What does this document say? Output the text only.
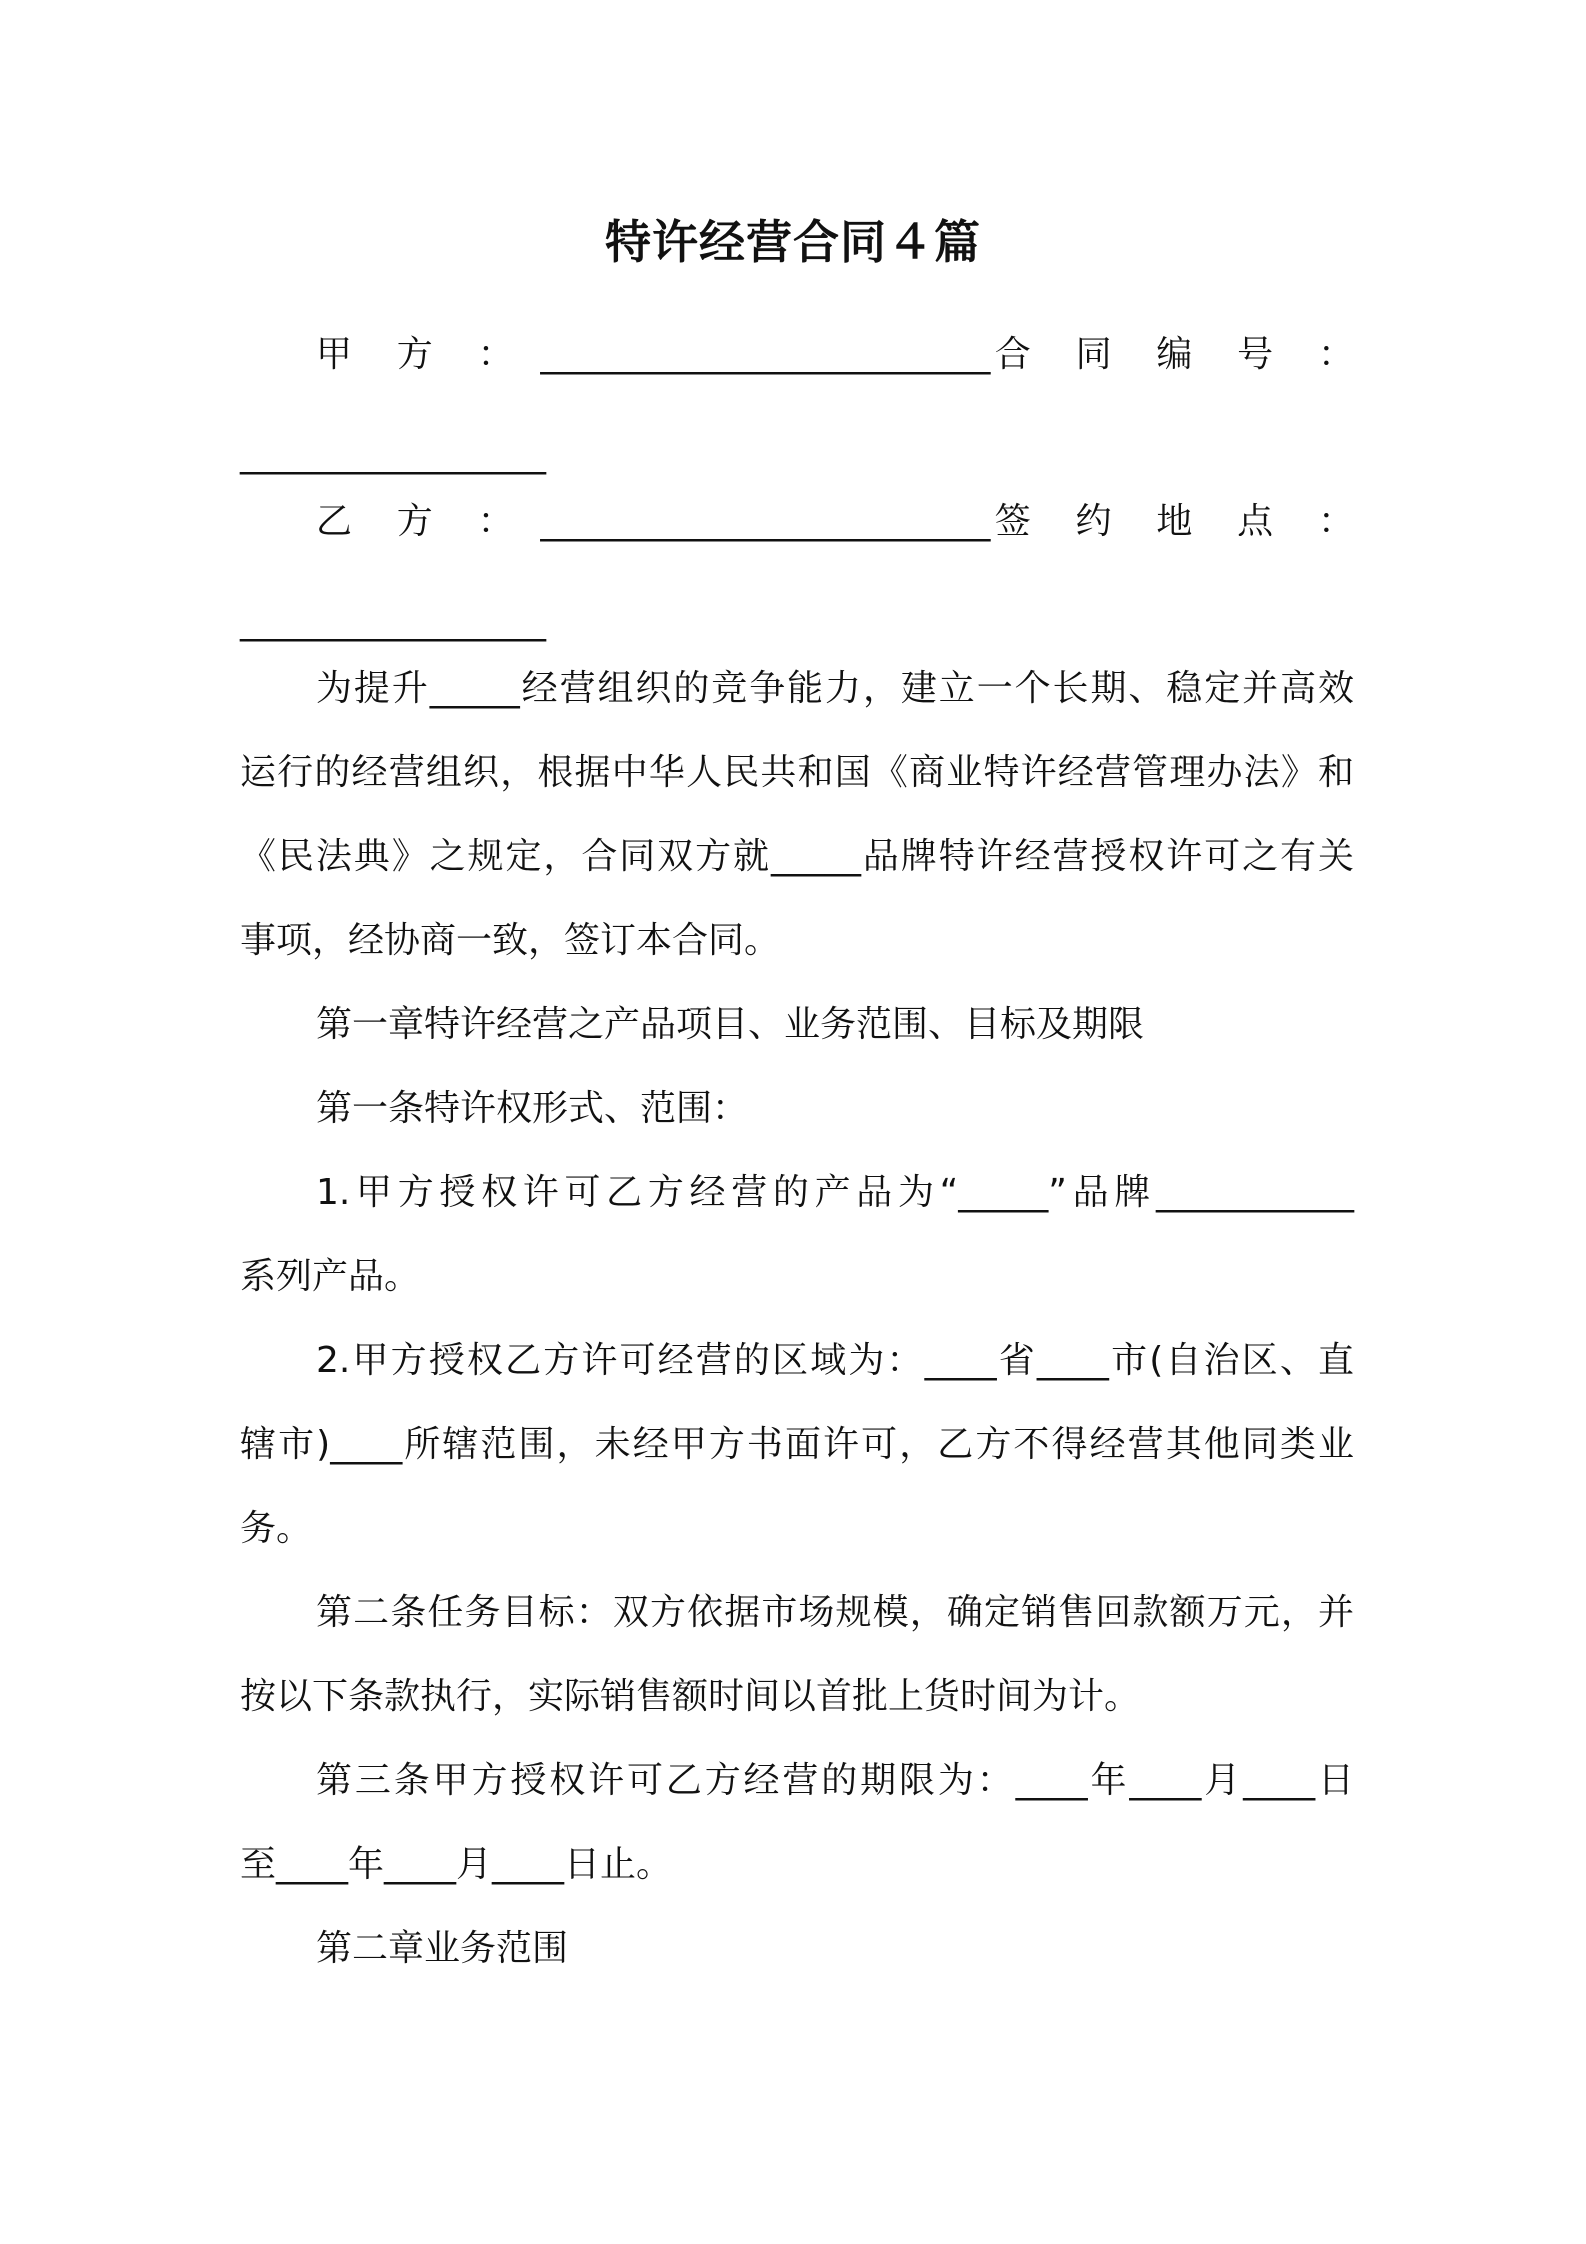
特许经营合同４篇
甲　方　：　_________________________合　同　编　号　：
_________________
乙　方　：　_________________________签　约　地　点　：
_________________
为提升_____经营组织的竞争能力，建立一个长期、稳定并高效
运行的经营组织，根据中华人民共和国《商业特许经营管理办法》和
《民法典》之规定，合同双方就_____品牌特许经营授权许可之有关
事项，经协商一致，签订本合同。
第一章特许经营之产品项目、业务范围、目标及期限
第一条特许权形式、范围：
1.甲方授权许可乙方经营的产品为“_____”品牌___________
系列产品。
2.甲方授权乙方许可经营的区域为：____省____市(自治区、直
辖市)____所辖范围，未经甲方书面许可，乙方不得经营其他同类业
务。
第二条任务目标：双方依据市场规模，确定销售回款额万元，并
按以下条款执行，实际销售额时间以首批上货时间为计。
第三条甲方授权许可乙方经营的期限为：____年____月____日
至____年____月____日止。
第二章业务范围
